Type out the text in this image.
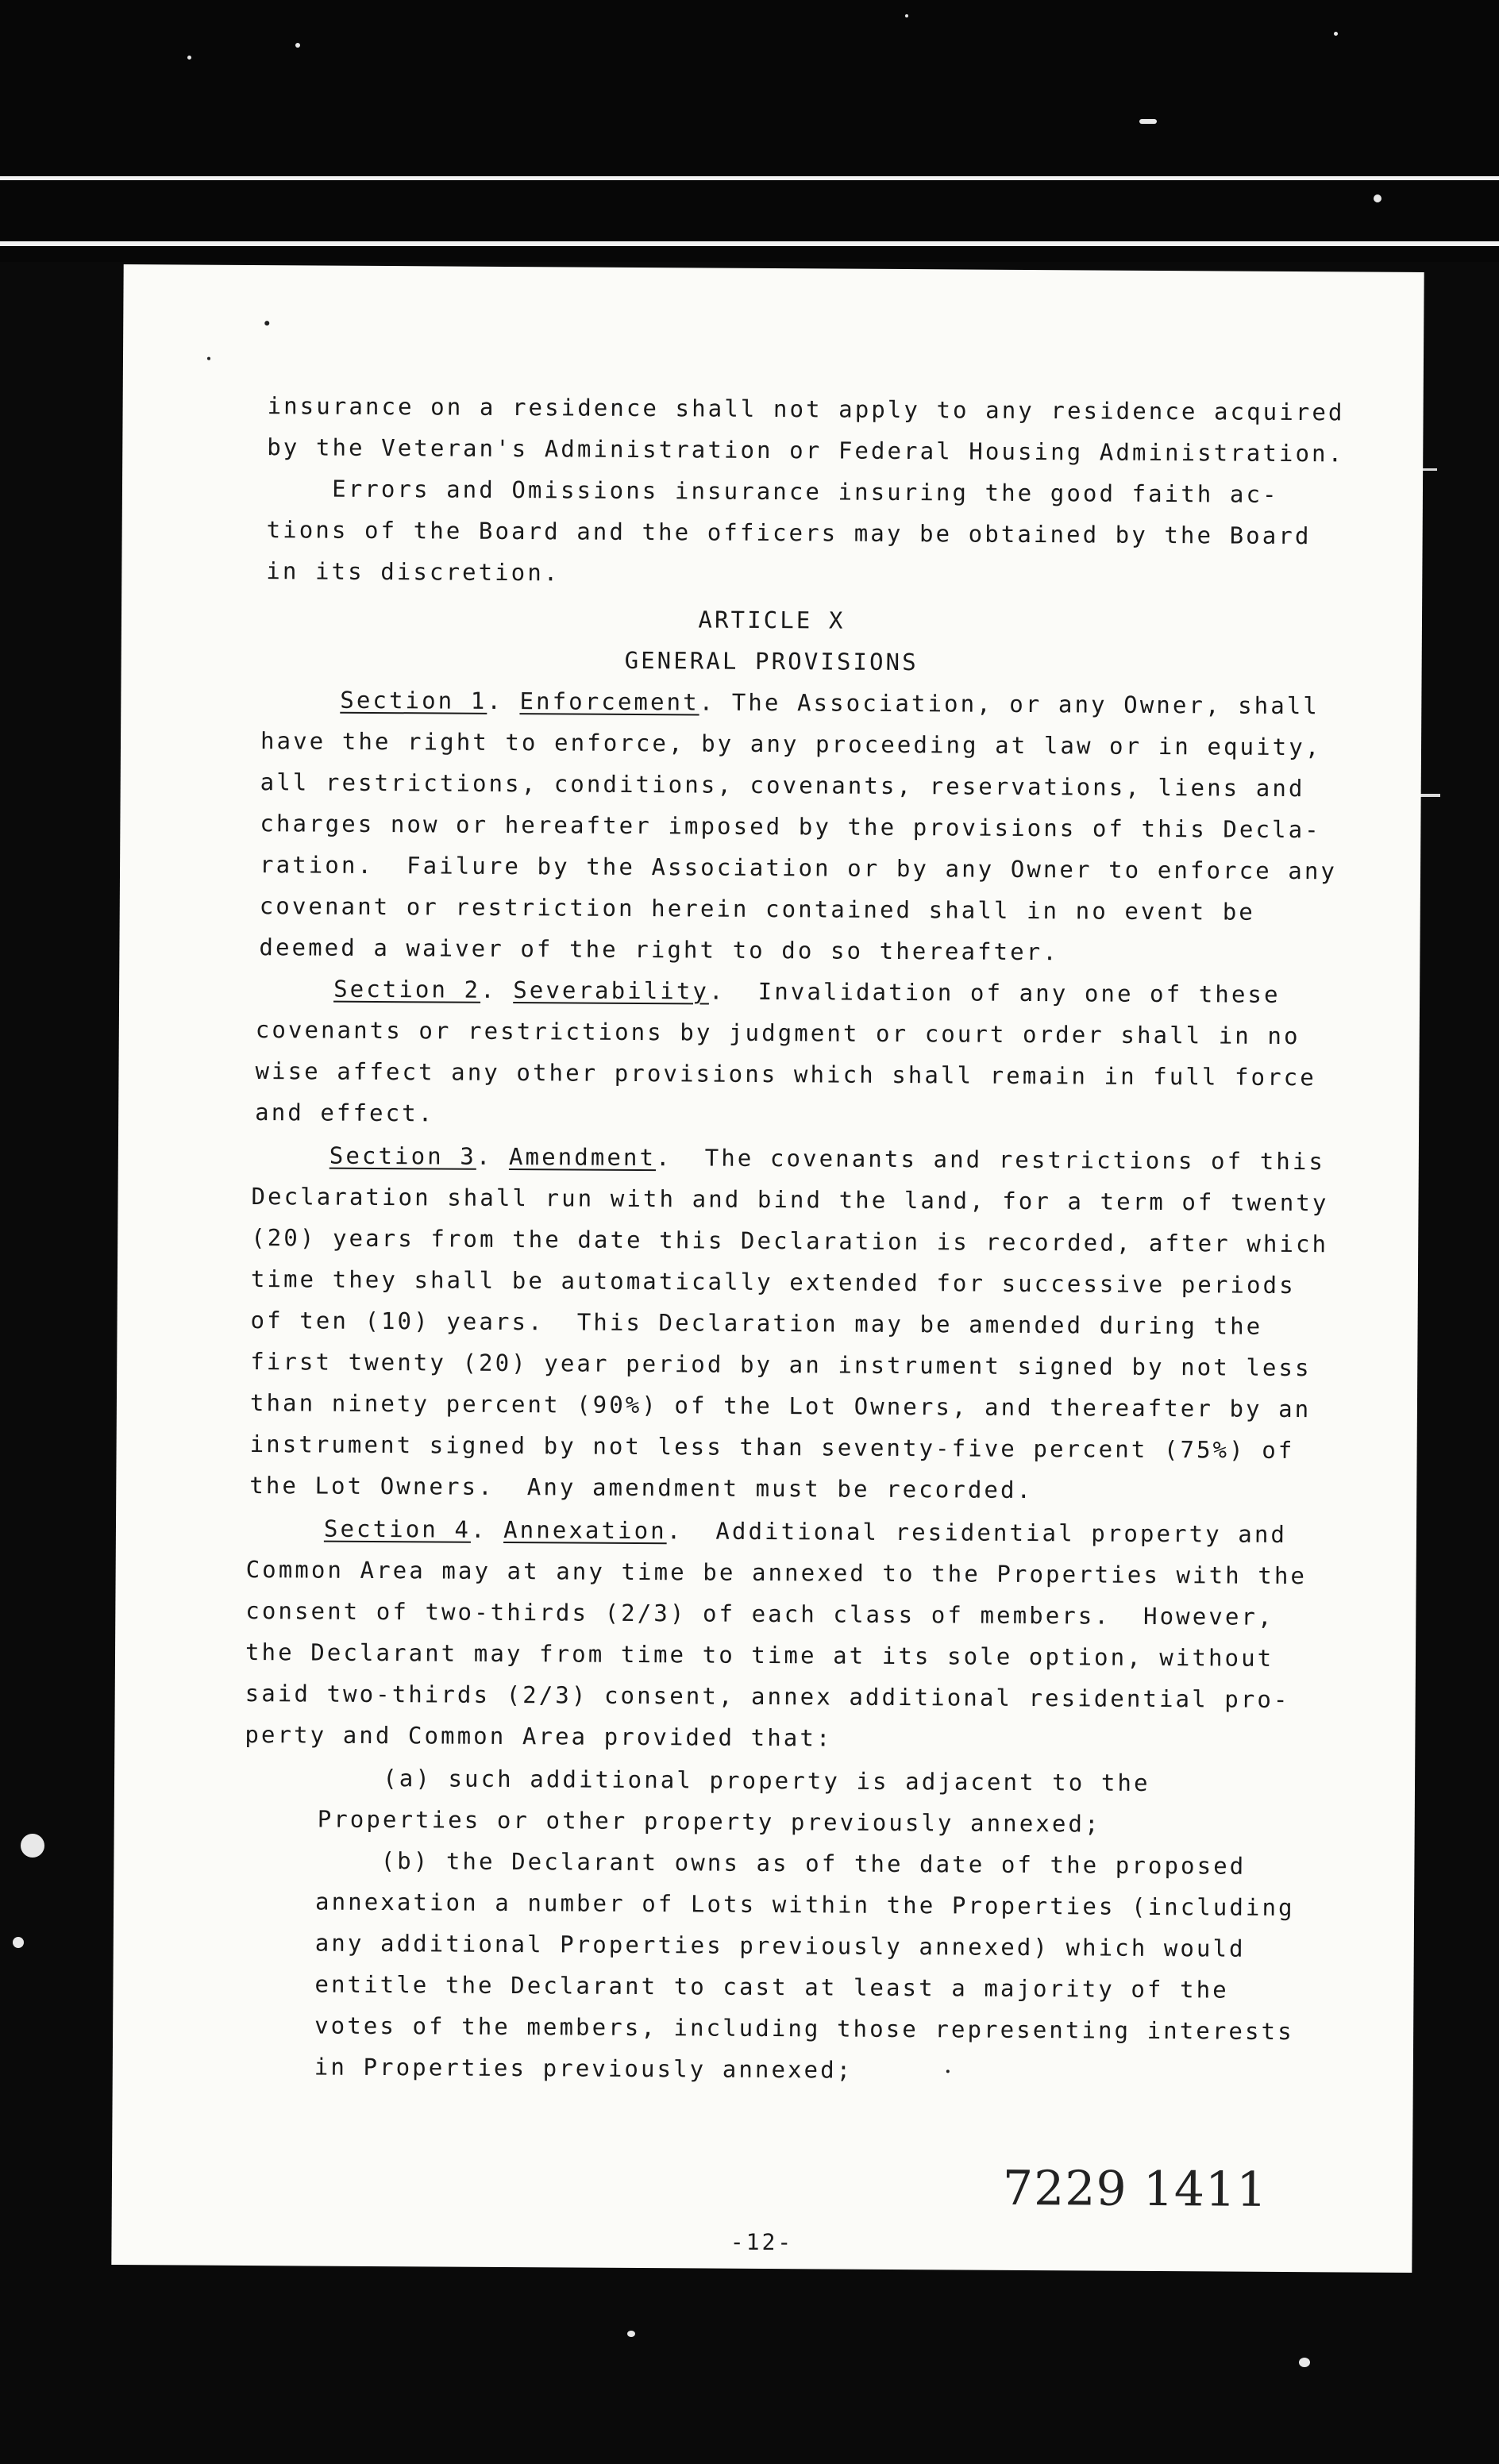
insurance on a residence shall not apply to any residence acquired
by the Veteran's Administration or Federal Housing Administration.
Errors and Omissions insurance insuring the good faith ac-
tions of the Board and the officers may be obtained by the Board
in its discretion.
ARTICLE X
GENERAL PROVISIONS
Section 1. Enforcement. The Association, or any Owner, shall
have the right to enforce, by any proceeding at law or in equity,
all restrictions, conditions, covenants, reservations, liens and
charges now or hereafter imposed by the provisions of this Decla-
ration.  Failure by the Association or by any Owner to enforce any
covenant or restriction herein contained shall in no event be
deemed a waiver of the right to do so thereafter.
Section 2. Severability.  Invalidation of any one of these
covenants or restrictions by judgment or court order shall in no
wise affect any other provisions which shall remain in full force
and effect.
Section 3. Amendment.  The covenants and restrictions of this
Declaration shall run with and bind the land, for a term of twenty
(20) years from the date this Declaration is recorded, after which
time they shall be automatically extended for successive periods
of ten (10) years.  This Declaration may be amended during the
first twenty (20) year period by an instrument signed by not less
than ninety percent (90%) of the Lot Owners, and thereafter by an
instrument signed by not less than seventy-five percent (75%) of
the Lot Owners.  Any amendment must be recorded.
Section 4. Annexation.  Additional residential property and
Common Area may at any time be annexed to the Properties with the
consent of two-thirds (2/3) of each class of members.  However,
the Declarant may from time to time at its sole option, without
said two-thirds (2/3) consent, annex additional residential pro-
perty and Common Area provided that:
(a) such additional property is adjacent to the
Properties or other property previously annexed;
(b) the Declarant owns as of the date of the proposed
annexation a number of Lots within the Properties (including
any additional Properties previously annexed) which would
entitle the Declarant to cast at least a majority of the
votes of the members, including those representing interests
in Properties previously annexed;
7229 1411
-12-
